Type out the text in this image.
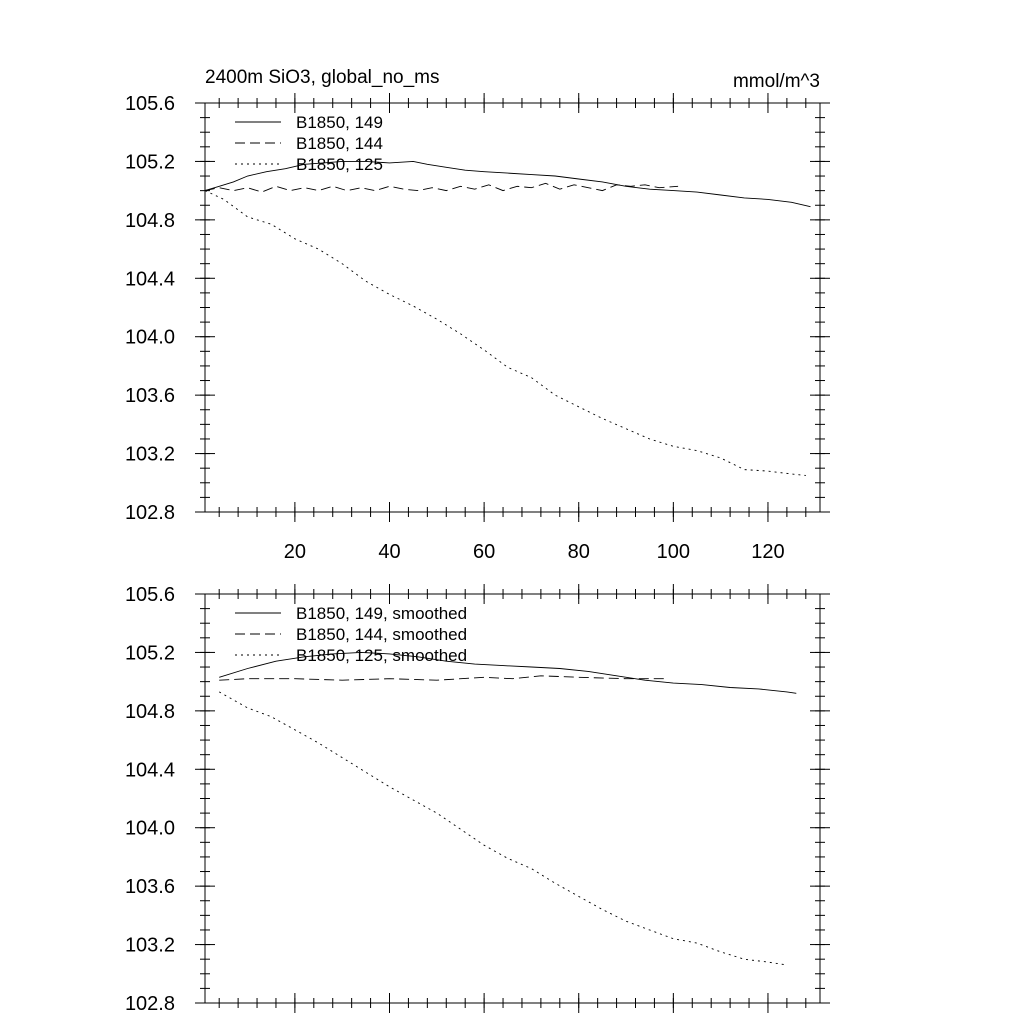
105.6
105.2
104.8
104.4
104.0
103.6
103.2
102.8
20	40	60	80	100	120
2400m SiO3, global_no_ms	mmol/m^3
B1850, 149
B1850, 144
B1850, 125
105.6
105.2
104.8
104.4
104.0
103.6
103.2
102.8
B1850, 149, smoothed
B1850, 144, smoothed
B1850, 125, smoothed
